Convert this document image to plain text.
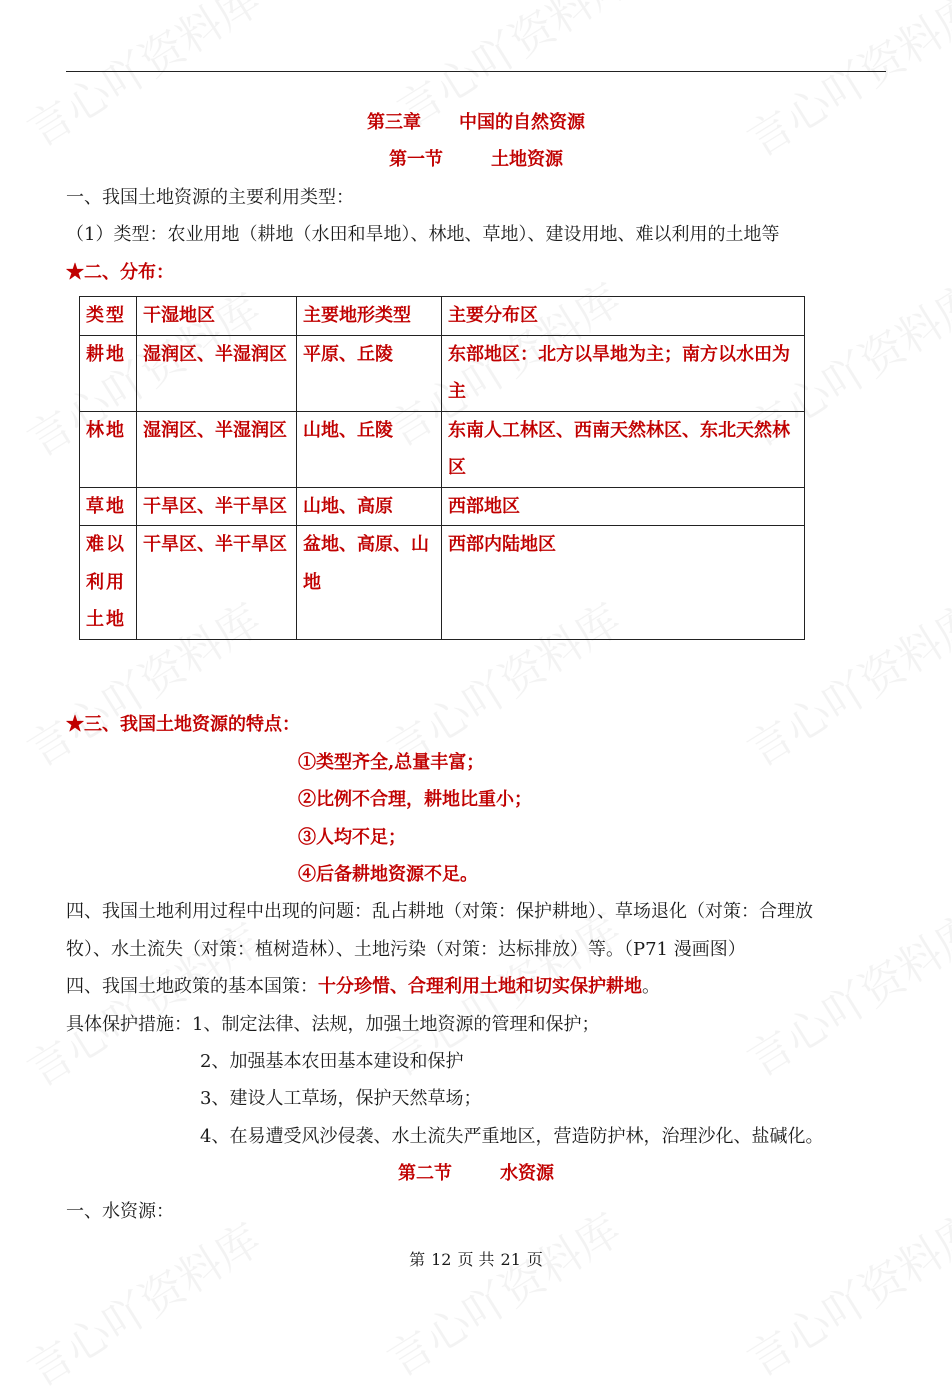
第三章 中国的自然资源
第一节	土地资源
一、我国土地资源的主要利用类型：
（1）类型：农业用地（耕地（水田和旱地）、林地、草地）、建设用地、难以利用的土地等
★二、分布：
类型	干湿地区	主要地形类型	主要分布区
耕地	湿润区、半湿润区	平原、丘陵	东部地区：北方以旱地为主；南方以水田为主
林地	湿润区、半湿润区	山地、丘陵	东南人工林区、西南天然林区、东北天然林区
草地	干旱区、半干旱区	山地、高原	西部地区
难以利用土地	干旱区、半干旱区	盆地、高原、山地	西部内陆地区
★三、我国土地资源的特点：
①类型齐全,总量丰富；
②比例不合理，耕地比重小；
③人均不足；
④后备耕地资源不足。
四、我国土地利用过程中出现的问题：乱占耕地（对策：保护耕地）、草场退化（对策：合理放
牧）、水土流失（对策：植树造林）、土地污染（对策：达标排放）等。（P71 漫画图）
四、我国土地政策的基本国策：十分珍惜、合理利用土地和切实保护耕地。
具体保护措施：1、制定法律、法规，加强土地资源的管理和保护；
2、加强基本农田基本建设和保护
3、建设人工草场，保护天然草场；
4、在易遭受风沙侵袭、水土流失严重地区，营造防护林，治理沙化、盐碱化。
第二节	水资源
一、水资源：
第 12 页 共 21 页
